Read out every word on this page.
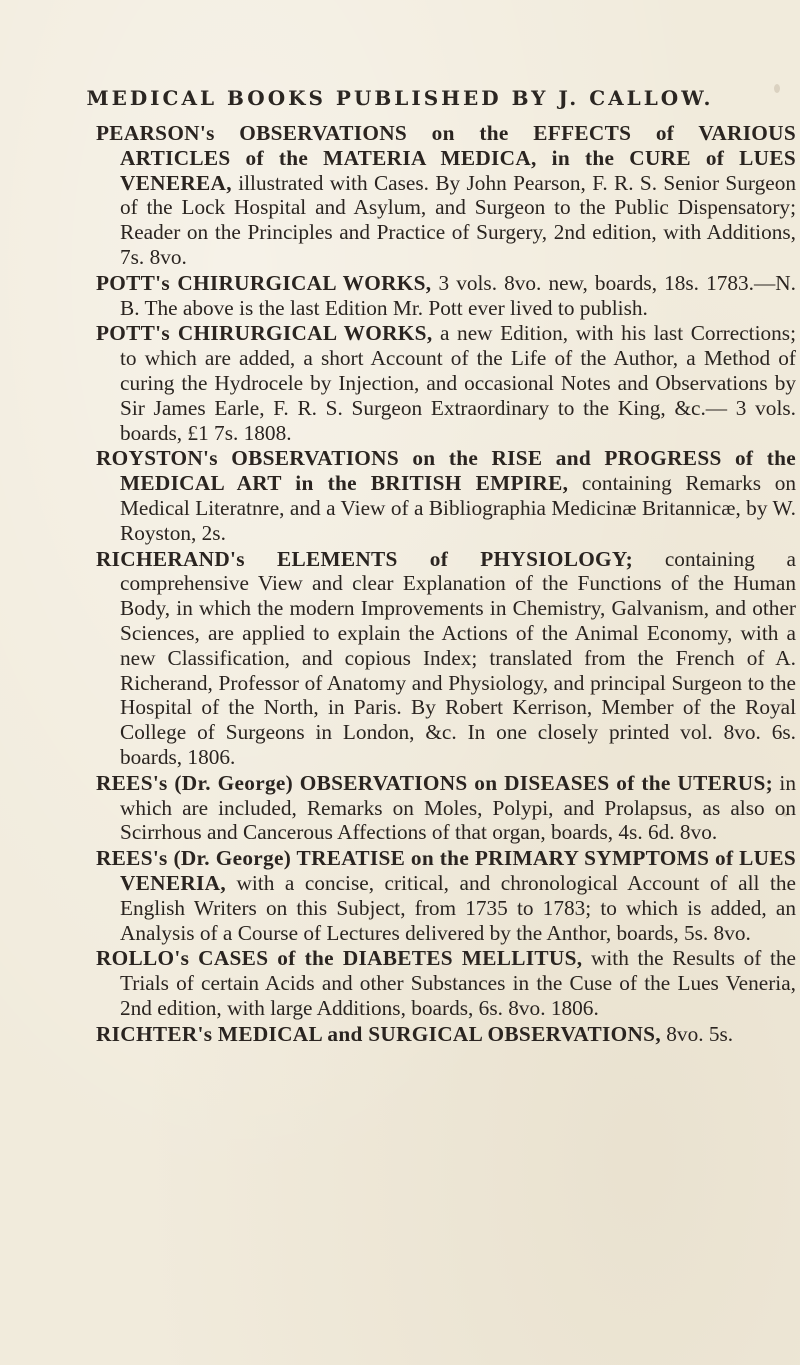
MEDICAL BOOKS PUBLISHED BY J. CALLOW.

PEARSON's OBSERVATIONS on the EFFECTS of VARIOUS ARTICLES of the MATERIA MEDICA, in the CURE of LUES VENEREA, illustrated with Cases. By John Pearson, F. R. S. Senior Surgeon of the Lock Hospital and Asylum, and Surgeon to the Public Dispensatory; Reader on the Principles and Practice of Surgery, 2nd edition, with Additions, 7s. 8vo.

POTT's CHIRURGICAL WORKS, 3 vols. 8vo. new, boards, 18s. 1783.—N. B. The above is the last Edition Mr. Pott ever lived to publish.

POTT's CHIRURGICAL WORKS, a new Edition, with his last Corrections; to which are added, a short Account of the Life of the Author, a Method of curing the Hydrocele by Injection, and occasional Notes and Observations by Sir James Earle, F. R. S. Surgeon Extraordinary to the King, &c.— 3 vols. boards, £1 7s. 1808.

ROYSTON's OBSERVATIONS on the RISE and PROGRESS of the MEDICAL ART in the BRITISH EMPIRE, containing Remarks on Medical Literatnre, and a View of a Bibliographia Medicinæ Britannicæ, by W. Royston, 2s.

RICHERAND's ELEMENTS of PHYSIOLOGY; containing a comprehensive View and clear Explanation of the Functions of the Human Body, in which the modern Improvements in Chemistry, Galvanism, and other Sciences, are applied to explain the Actions of the Animal Economy, with a new Classification, and copious Index; translated from the French of A. Richerand, Professor of Anatomy and Physiology, and principal Surgeon to the Hospital of the North, in Paris. By Robert Kerrison, Member of the Royal College of Surgeons in London, &c. In one closely printed vol. 8vo. 6s. boards, 1806.

REES's (Dr. George) OBSERVATIONS on DISEASES of the UTERUS; in which are included, Remarks on Moles, Polypi, and Prolapsus, as also on Scirrhous and Cancerous Affections of that organ, boards, 4s. 6d. 8vo.

REES's (Dr. George) TREATISE on the PRIMARY SYMPTOMS of LUES VENERIA, with a concise, critical, and chronological Account of all the English Writers on this Subject, from 1735 to 1783; to which is added, an Analysis of a Course of Lectures delivered by the Anthor, boards, 5s. 8vo.

ROLLO's CASES of the DIABETES MELLITUS, with the Results of the Trials of certain Acids and other Substances in the Cuse of the Lues Veneria, 2nd edition, with large Additions, boards, 6s. 8vo. 1806.

RICHTER's MEDICAL and SURGICAL OBSERVATIONS, 8vo. 5s.
